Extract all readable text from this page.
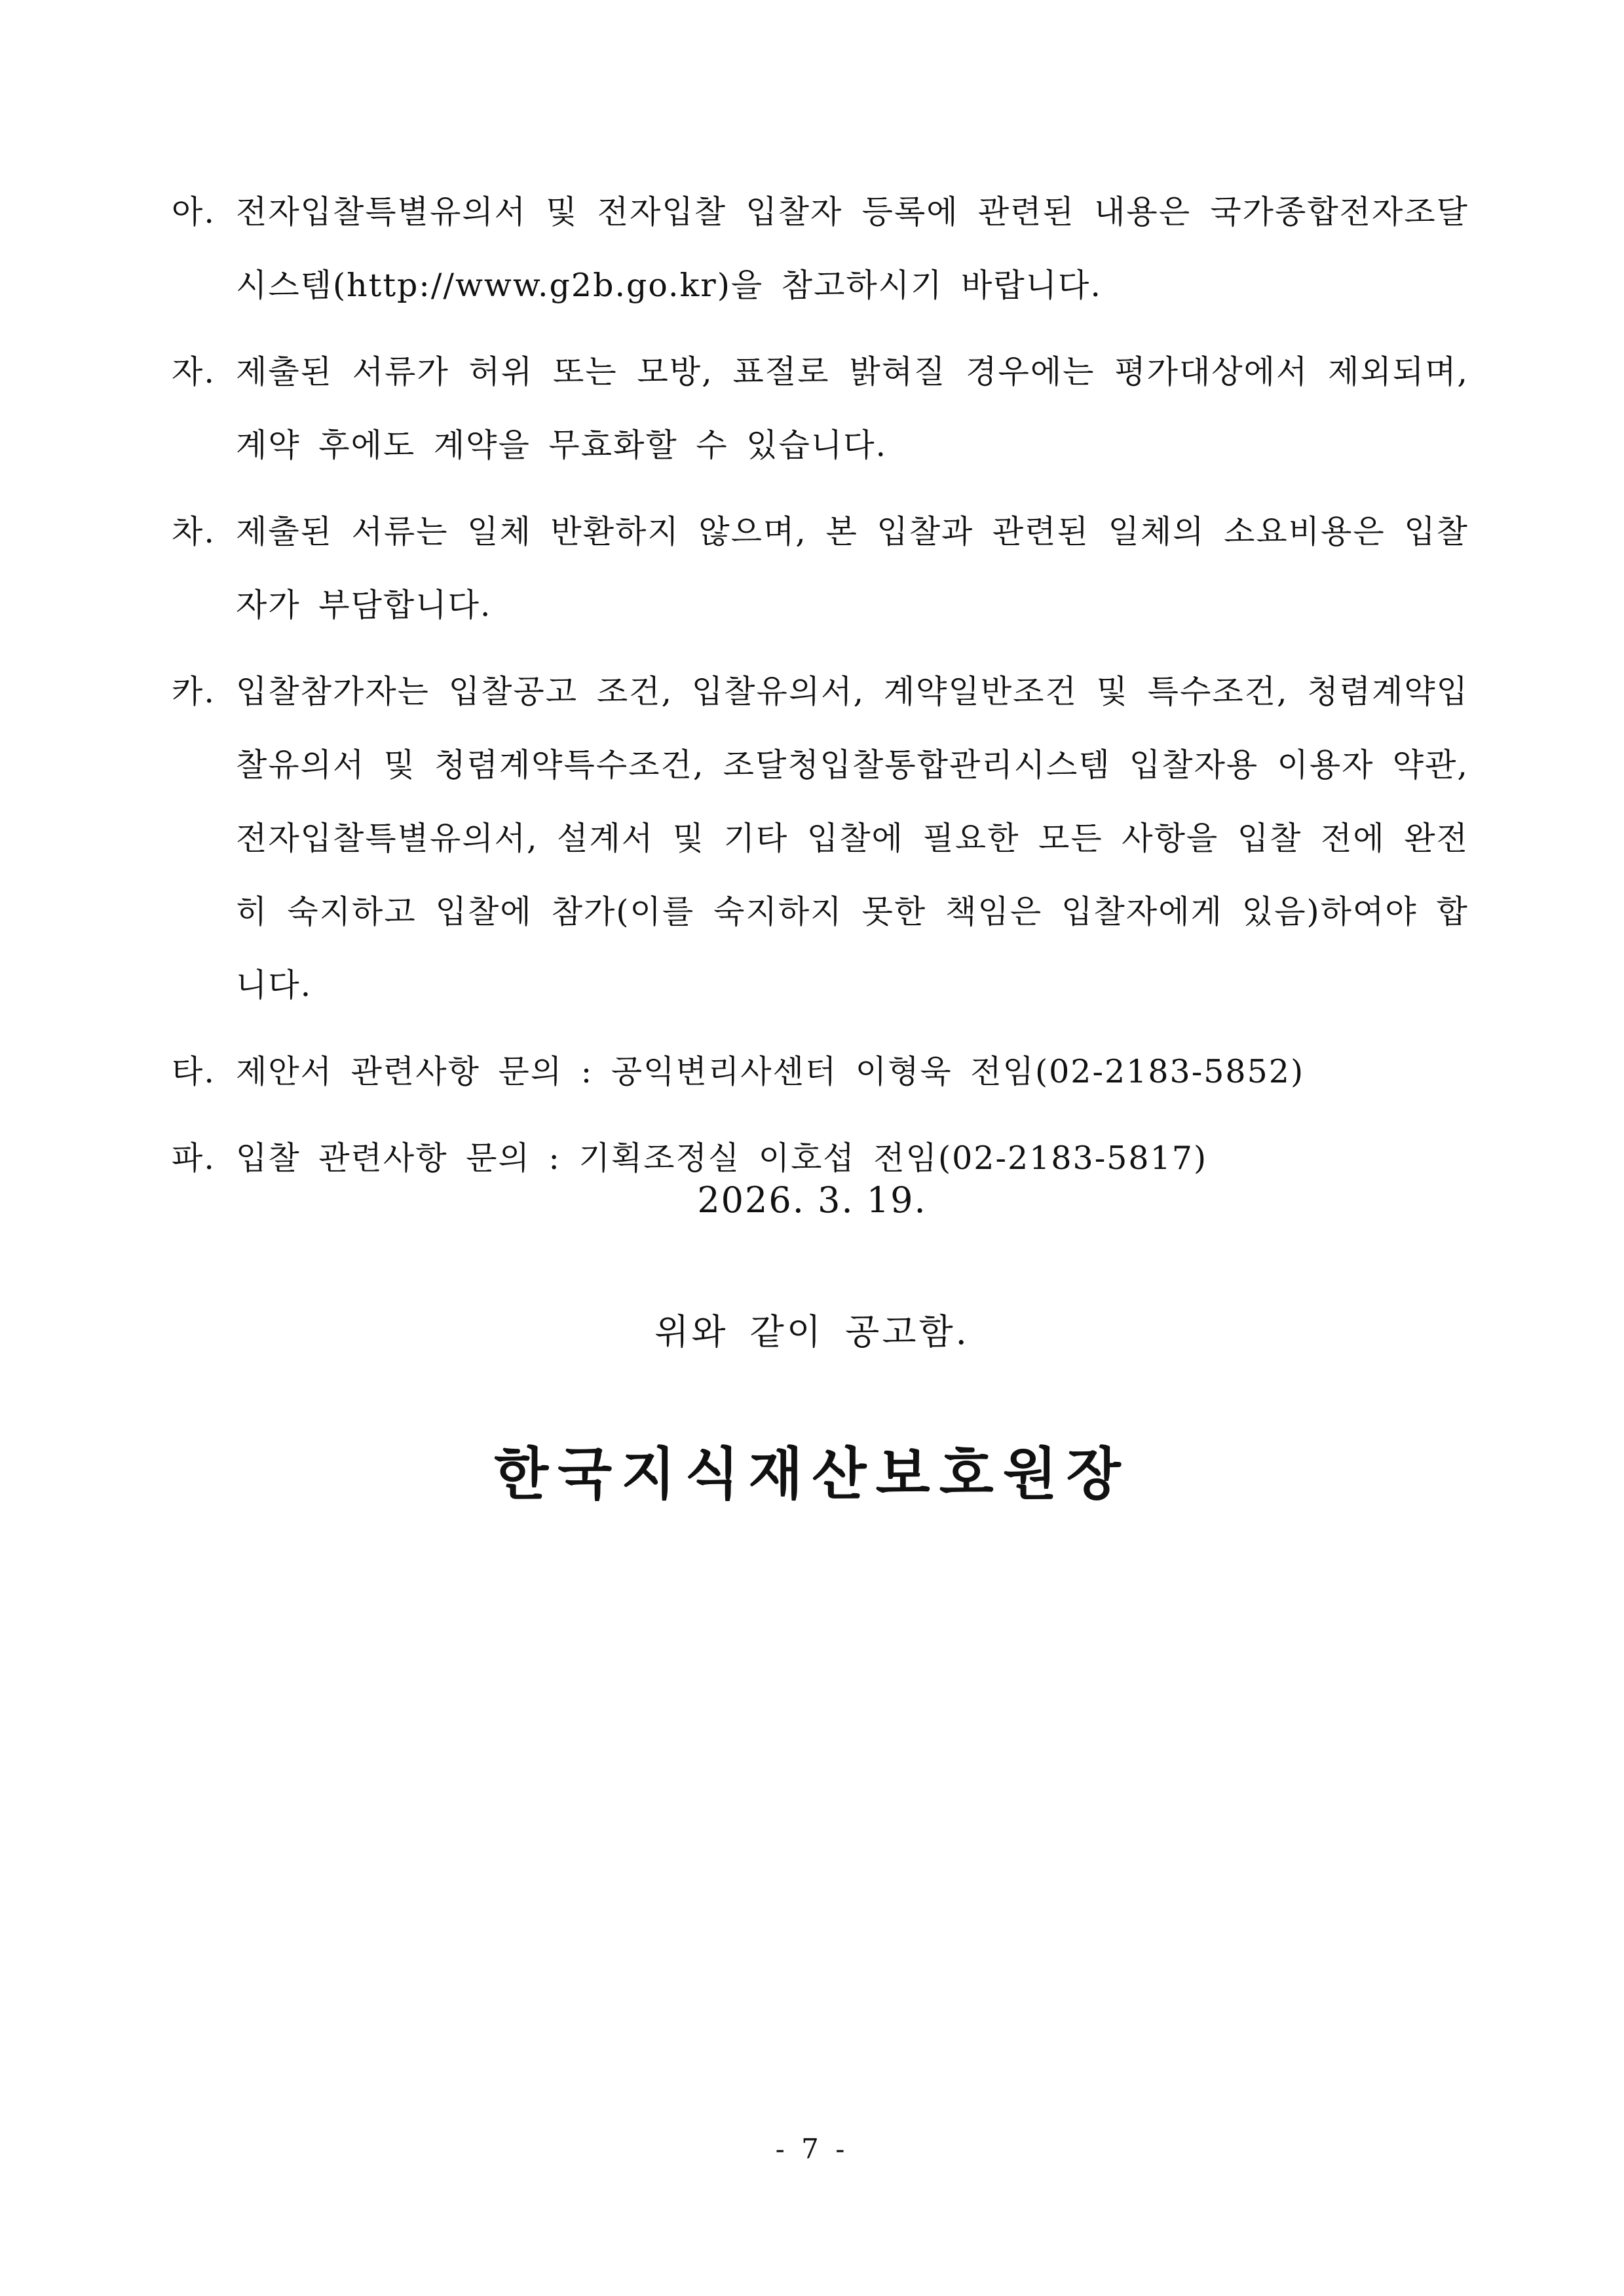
아. 전자입찰특별유의서 및 전자입찰 입찰자 등록에 관련된 내용은 국가종합전자조달시스템(http://www.g2b.go.kr)을 참고하시기 바랍니다.
자. 제출된 서류가 허위 또는 모방, 표절로 밝혀질 경우에는 평가대상에서 제외되며, 계약 후에도 계약을 무효화할 수 있습니다.
차. 제출된 서류는 일체 반환하지 않으며, 본 입찰과 관련된 일체의 소요비용은 입찰자가 부담합니다.
카. 입찰참가자는 입찰공고 조건, 입찰유의서, 계약일반조건 및 특수조건, 청렴계약입찰유의서 및 청렴계약특수조건, 조달청입찰통합관리시스템 입찰자용 이용자 약관, 전자입찰특별유의서, 설계서 및 기타 입찰에 필요한 모든 사항을 입찰 전에 완전히 숙지하고 입찰에 참가(이를 숙지하지 못한 책임은 입찰자에게 있음)하여야 합니다.
타. 제안서 관련사항 문의 : 공익변리사센터 이형욱 전임(02-2183-5852)
파. 입찰 관련사항 문의 : 기획조정실 이호섭 전임(02-2183-5817)
2026. 3. 19.
위와 같이 공고함.
한국지식재산보호원장
- 7 -
